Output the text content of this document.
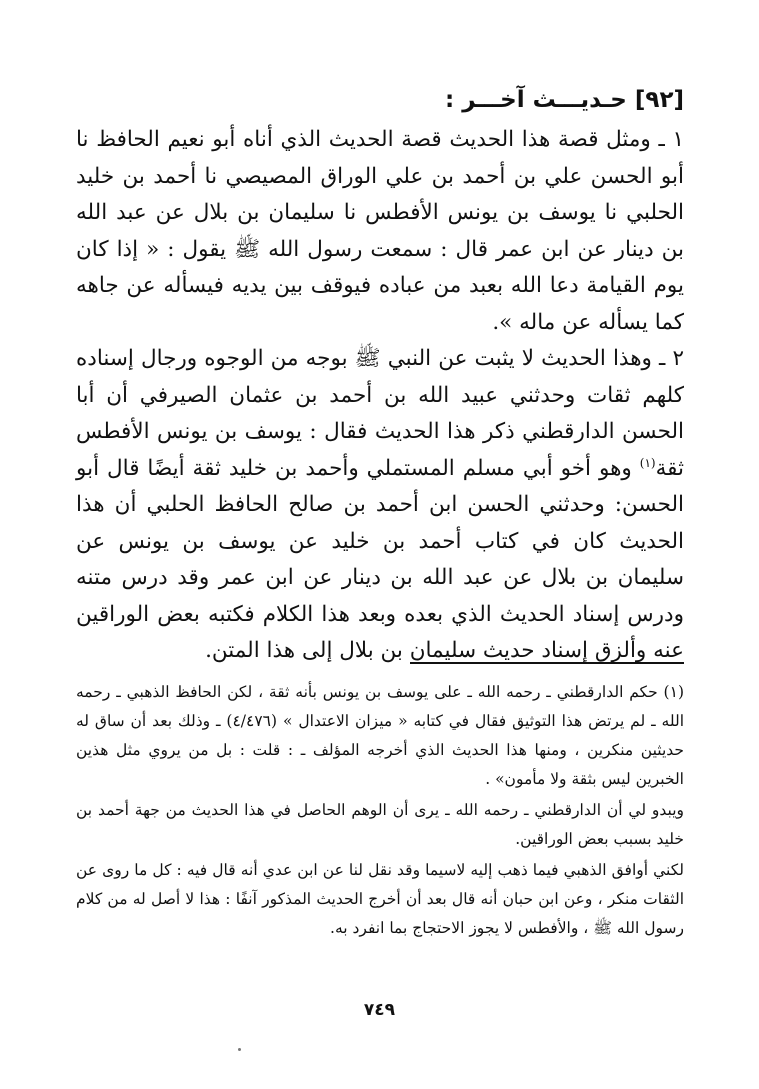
[٩٢] حـديـــث آخـــر :

١ ـ ومثل قصة هذا الحديث قصة الحديث الذي أناه أبو نعيم الحافظ نا أبو الحسن علي بن أحمد بن علي الوراق المصيصي نا أحمد بن خليد الحلبي نا يوسف بن يونس الأفطس نا سليمان بن بلال عن عبد الله بن دينار عن ابن عمر قال : سمعت رسول الله ﷺ يقول : « إذا كان يوم القيامة دعا الله بعبد من عباده فيوقف بين يديه فيسأله عن جاهه كما يسأله عن ماله ».

٢ ـ وهذا الحديث لا يثبت عن النبي ﷺ بوجه من الوجوه ورجال إسناده كلهم ثقات وحدثني عبيد الله بن أحمد بن عثمان الصيرفي أن أبا الحسن الدارقطني ذكر هذا الحديث فقال : يوسف بن يونس الأفطس ثقة$^{(١)}$ وهو أخو أبي مسلم المستملي وأحمد بن خليد ثقة أيضًا قال أبو الحسن: وحدثني الحسن ابن أحمد بن صالح الحافظ الحلبي أن هذا الحديث كان في كتاب أحمد بن خليد عن يوسف بن يونس عن سليمان بن بلال عن عبد الله بن دينار عن ابن عمر وقد درس متنه ودرس إسناد الحديث الذي بعده وبعد هذا الكلام فكتبه بعض الوراقين عنه وألزق إسناد حديث سليمان بن بلال إلى هذا المتن.

(١) حكم الدارقطني ـ رحمه الله ـ على يوسف بن يونس بأنه ثقة ، لكن الحافظ الذهبي ـ رحمه الله ـ لم يرتض هذا التوثيق فقال في كتابه « ميزان الاعتدال » (٤/٤٧٦) ـ وذلك بعد أن ساق له حديثين منكرين ، ومنها هذا الحديث الذي أخرجه المؤلف ـ : قلت : بل من يروي مثل هذين الخبرين ليس بثقة ولا مأمون» .

ويبدو لي أن الدارقطني ـ رحمه الله ـ يرى أن الوهم الحاصل في هذا الحديث من جهة أحمد بن خليد بسبب بعض الوراقين.

لكني أوافق الذهبي فيما ذهب إليه لاسيما وقد نقل لنا عن ابن عدي أنه قال فيه : كل ما روى عن الثقات منكر ، وعن ابن حبان أنه قال بعد أن أخرج الحديث المذكور آنفًا : هذا لا أصل له من كلام رسول الله ﷺ ، والأفطس لا يجوز الاحتجاج بما انفرد به.

٧٤٩
